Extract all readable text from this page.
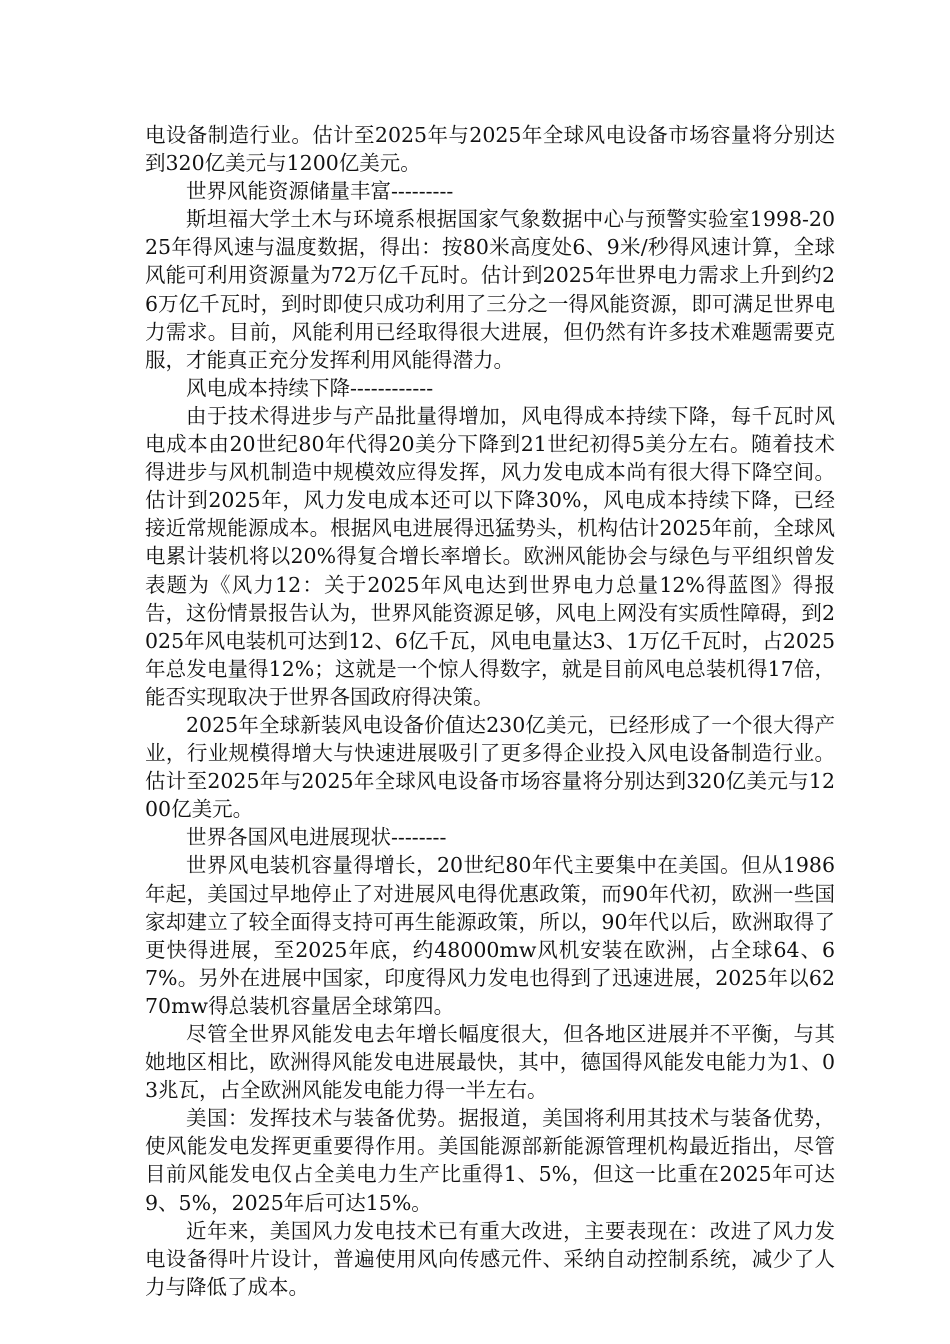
电设备制造行业。估计至2025年与2025年全球风电设备市场容量将分别达到320亿美元与1200亿美元。

世界风能资源储量丰富---------

斯坦福大学土木与环境系根据国家气象数据中心与预警实验室1998-2025年得风速与温度数据，得出：按80米高度处6、9米/秒得风速计算，全球风能可利用资源量为72万亿千瓦时。估计到2025年世界电力需求上升到约26万亿千瓦时，到时即使只成功利用了三分之一得风能资源，即可满足世界电力需求。目前，风能利用已经取得很大进展，但仍然有许多技术难题需要克服，才能真正充分发挥利用风能得潜力。

风电成本持续下降------------

由于技术得进步与产品批量得增加，风电得成本持续下降，每千瓦时风电成本由20世纪80年代得20美分下降到21世纪初得5美分左右。随着技术得进步与风机制造中规模效应得发挥，风力发电成本尚有很大得下降空间。估计到2025年，风力发电成本还可以下降30%，风电成本持续下降，已经接近常规能源成本。根据风电进展得迅猛势头，机构估计2025年前，全球风电累计装机将以20%得复合增长率增长。欧洲风能协会与绿色与平组织曾发表题为《风力12：关于2025年风电达到世界电力总量12%得蓝图》得报告，这份情景报告认为，世界风能资源足够，风电上网没有实质性障碍，到2025年风电装机可达到12、6亿千瓦，风电电量达3、1万亿千瓦时，占2025年总发电量得12%；这就是一个惊人得数字，就是目前风电总装机得17倍，能否实现取决于世界各国政府得决策。

2025年全球新装风电设备价值达230亿美元，已经形成了一个很大得产业，行业规模得增大与快速进展吸引了更多得企业投入风电设备制造行业。估计至2025年与2025年全球风电设备市场容量将分别达到320亿美元与1200亿美元。

世界各国风电进展现状--------

世界风电装机容量得增长，20世纪80年代主要集中在美国。但从1986年起，美国过早地停止了对进展风电得优惠政策，而90年代初，欧洲一些国家却建立了较全面得支持可再生能源政策，所以，90年代以后，欧洲取得了更快得进展，至2025年底，约48000mw风机安装在欧洲，占全球64、67%。另外在进展中国家，印度得风力发电也得到了迅速进展，2025年以6270mw得总装机容量居全球第四。

尽管全世界风能发电去年增长幅度很大，但各地区进展并不平衡，与其她地区相比，欧洲得风能发电进展最快，其中，德国得风能发电能力为1、03兆瓦，占全欧洲风能发电能力得一半左右。

美国：发挥技术与装备优势。据报道，美国将利用其技术与装备优势，使风能发电发挥更重要得作用。美国能源部新能源管理机构最近指出，尽管目前风能发电仅占全美电力生产比重得1、5%，但这一比重在2025年可达9、5%，2025年后可达15%。

近年来，美国风力发电技术已有重大改进，主要表现在：改进了风力发电设备得叶片设计，普遍使用风向传感元件、采纳自动控制系统，减少了人力与降低了成本。
